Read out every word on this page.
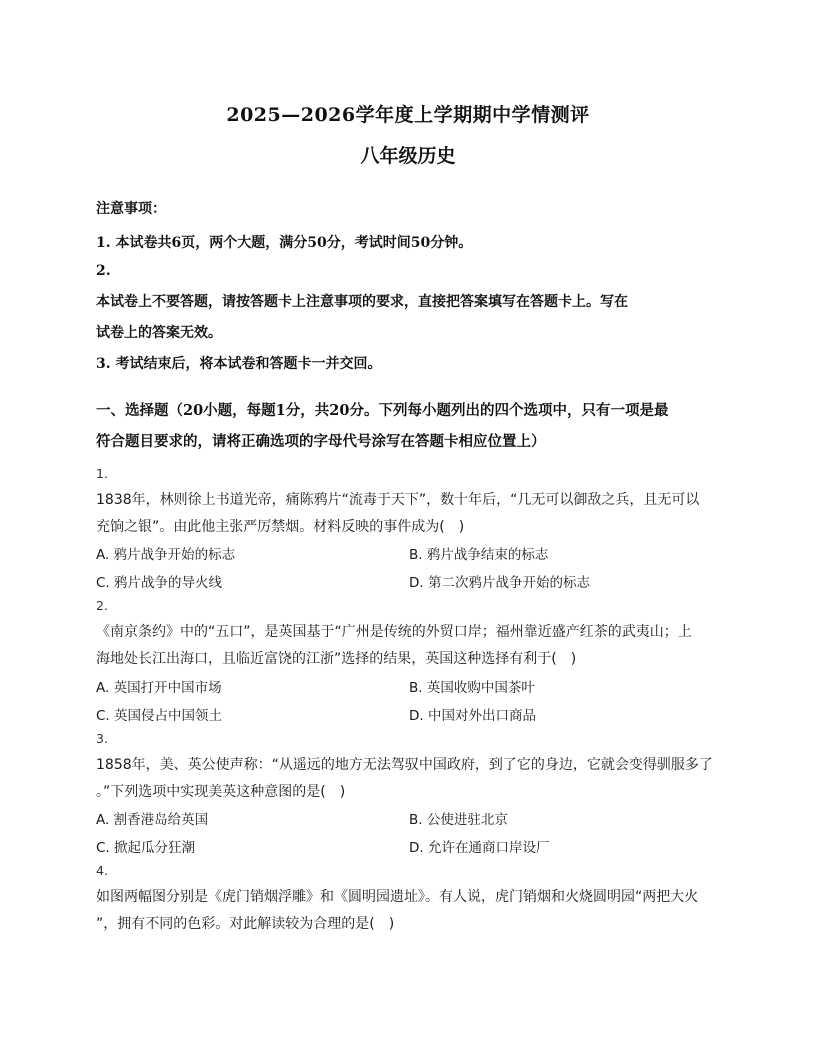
2025—2026学年度上学期期中学情测评
八年级历史
注意事项：
1. 本试卷共6页，两个大题，满分50分，考试时间50分钟。
2.
本试卷上不要答题，请按答题卡上注意事项的要求，直接把答案填写在答题卡上。写在
试卷上的答案无效。
3. 考试结束后，将本试卷和答题卡一并交回。
一、选择题（20小题，每题1分，共20分。下列每小题列出的四个选项中，只有一项是最
符合题目要求的，请将正确选项的字母代号涂写在答题卡相应位置上）
1.
1838年，林则徐上书道光帝，痛陈鸦片“流毒于天下”，数十年后，“几无可以御敌之兵，且无可以
充饷之银”。由此他主张严厉禁烟。材料反映的事件成为(　)
A. 鸦片战争开始的标志	B. 鸦片战争结束的标志
C. 鸦片战争的导火线	D. 第二次鸦片战争开始的标志
2.
《南京条约》中的“五口”，是英国基于“广州是传统的外贸口岸；福州靠近盛产红茶的武夷山；上
海地处长江出海口，且临近富饶的江浙”选择的结果，英国这种选择有利于(　)
A. 英国打开中国市场	B. 英国收购中国茶叶
C. 英国侵占中国领土	D. 中国对外出口商品
3.
1858年，美、英公使声称：“从遥远的地方无法驾驭中国政府，到了它的身边，它就会变得驯服多了
。”下列选项中实现美英这种意图的是(　)
A. 割香港岛给英国	B. 公使进驻北京
C. 掀起瓜分狂潮	D. 允许在通商口岸设厂
4.
如图两幅图分别是《虎门销烟浮雕》和《圆明园遗址》。有人说，虎门销烟和火烧圆明园“两把大火
”，拥有不同的色彩。对此解读较为合理的是(　)
